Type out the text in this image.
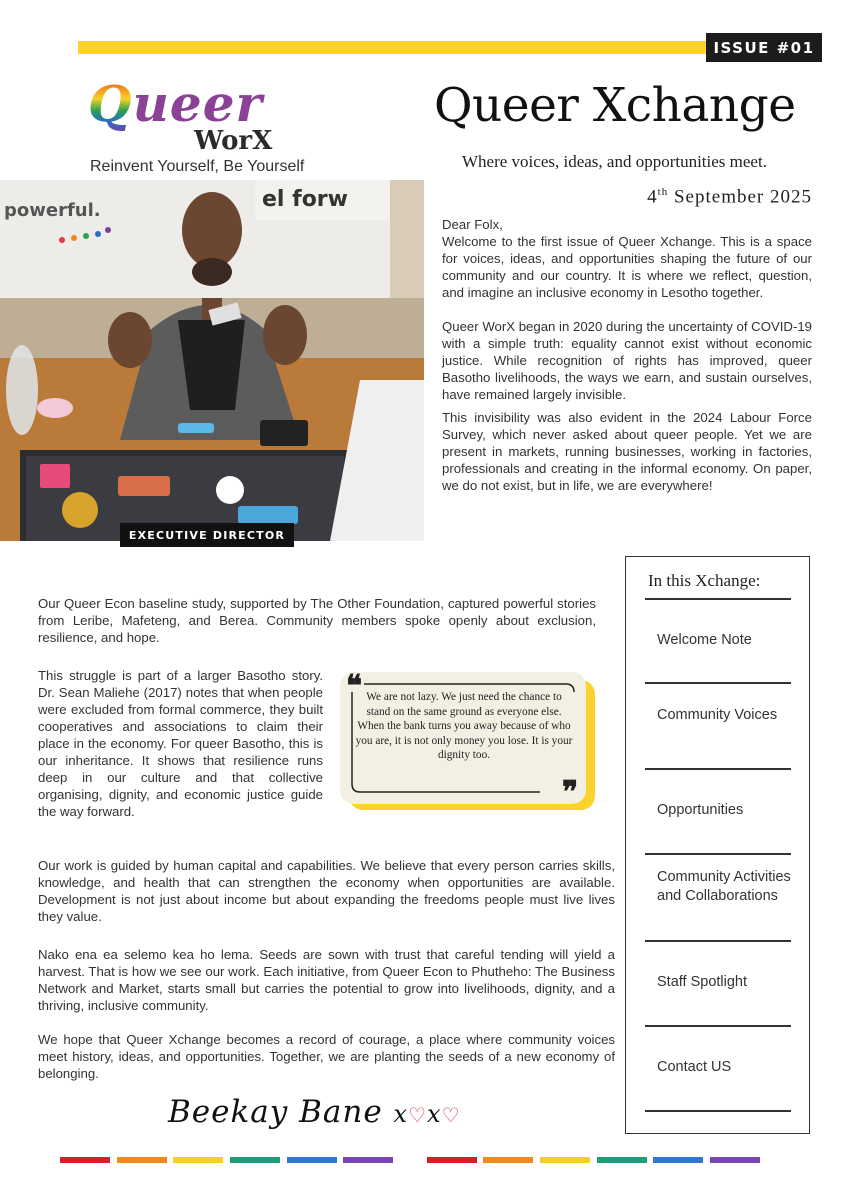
ISSUE #01
Queer
WorX
Reinvent Yourself, Be Yourself
Queer Xchange
Where voices, ideas, and opportunities meet.
4th September 2025
el forw
powerful.
EXECUTIVE DIRECTOR

Dear Folx,

Welcome to the first issue of Queer Xchange. This is a space for voices, ideas, and opportunities shaping the future of our community and our country. It is where we reflect, question, and imagine an inclusive economy in Lesotho together.

Queer WorX began in 2020 during the uncertainty of COVID-19 with a simple truth: equality cannot exist without economic justice. While recognition of rights has improved, queer Basotho livelihoods, the ways we earn, and sustain ourselves, have remained largely invisible.

This invisibility was also evident in the 2024 Labour Force Survey, which never asked about queer people. Yet we are present in markets, running businesses, working in factories, professionals and creating in the informal economy. On paper, we do not exist, but in life, we are everywhere!

In this Xchange:
Welcome Note
Community Voices
Opportunities
Community Activities and Collaborations
Staff Spotlight
Contact US
Our Queer Econ baseline study, supported by The Other Foundation, captured powerful stories from Leribe, Mafeteng, and Berea. Community members spoke openly about exclusion, resilience, and hope.
This struggle is part of a larger Basotho story. Dr. Sean Maliehe (2017) notes that when people were excluded from formal commerce, they built cooperatives and associations to claim their place in the economy. For queer Basotho, this is our inheritance. It shows that resilience runs deep in our culture and that collective organising, dignity, and economic justice guide the way forward.
❝ We are not lazy. We just need the chance to stand on the same ground as everyone else. When the bank turns you away because of who you are, it is not only money you lose. It is your dignity too.
❞
Our work is guided by human capital and capabilities. We believe that every person carries skills, knowledge, and health that can strengthen the economy when opportunities are available. Development is not just about income but about expanding the freedoms people must live lives they value.
Nako ena ea selemo kea ho lema. Seeds are sown with trust that careful tending will yield a harvest. That is how we see our work. Each initiative, from Queer Econ to Phutheho: The Business Network and Market, starts small but carries the potential to grow into livelihoods, dignity, and a thriving, inclusive community.
We hope that Queer Xchange becomes a record of courage, a place where community voices meet history, ideas, and opportunities. Together, we are planting the seeds of a new economy of belonging.
Beekay Bane x♡x♡
